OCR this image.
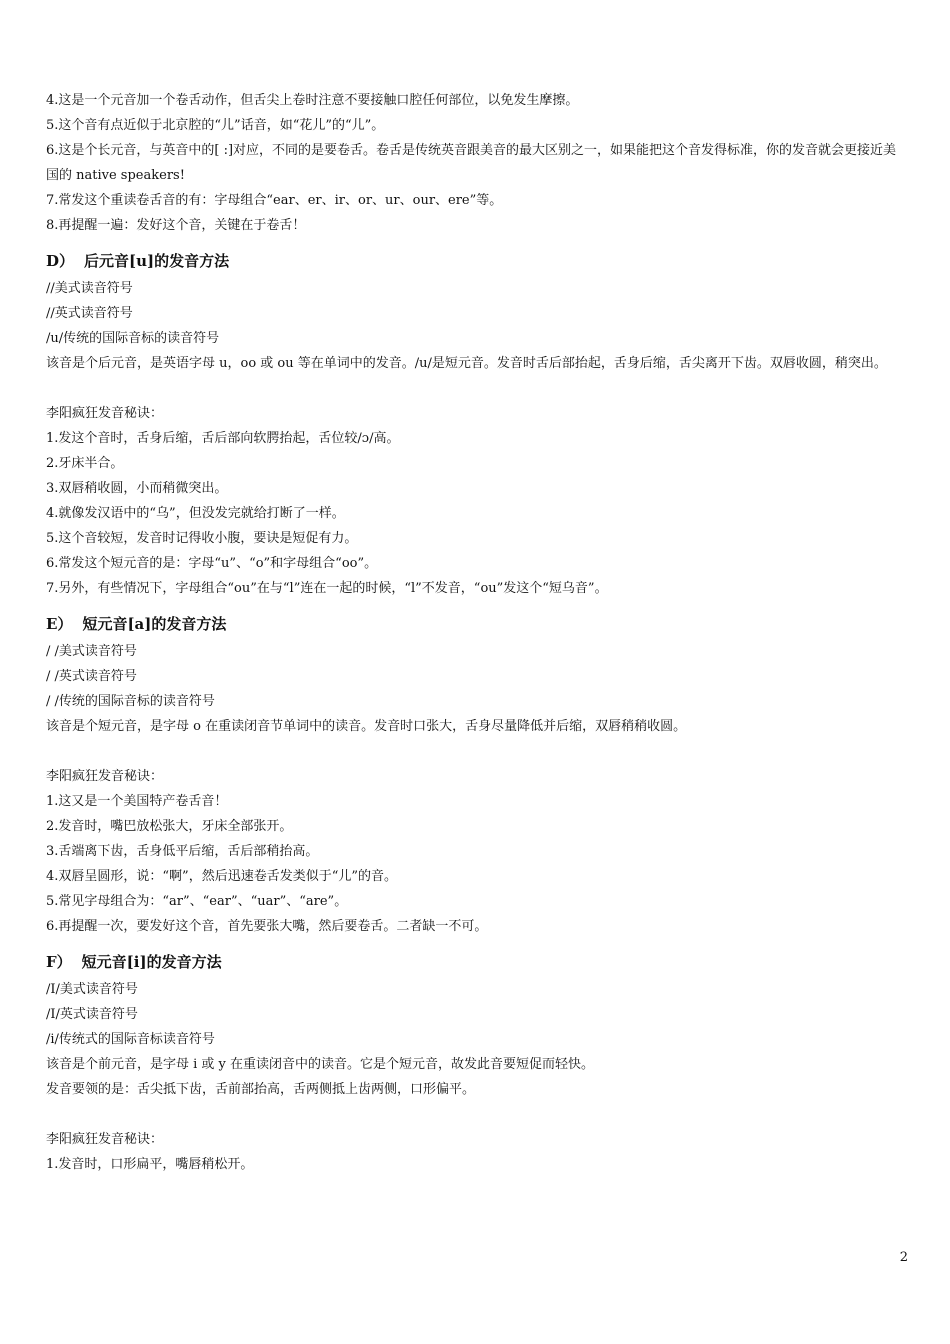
4.这是一个元音加一个卷舌动作，但舌尖上卷时注意不要接触口腔任何部位，以免发生摩擦。

5.这个音有点近似于北京腔的“儿”话音，如“花儿”的“儿”。

6.这是个长元音，与英音中的[ :]对应，不同的是要卷舌。卷舌是传统英音跟美音的最大区别之一，如果能把这个音发得标准，你的发音就会更接近美国的 native speakers!

7.常发这个重读卷舌音的有：字母组合“ear、er、ir、or、ur、our、ere”等。

8.再提醒一遍：发好这个音，关键在于卷舌！

D） 后元音[u]的发音方法

//美式读音符号

//英式读音符号

/u/传统的国际音标的读音符号

该音是个后元音，是英语字母 u，oo 或 ou 等在单词中的发音。/u/是短元音。发音时舌后部抬起，舌身后缩，舌尖离开下齿。双唇收圆，稍突出。

李阳疯狂发音秘诀：

1.发这个音时，舌身后缩，舌后部向软腭抬起，舌位较/ɔ/高。

2.牙床半合。

3.双唇稍收圆，小而稍微突出。

4.就像发汉语中的“乌”，但没发完就给打断了一样。

5.这个音较短，发音时记得收小腹，要诀是短促有力。

6.常发这个短元音的是：字母“u”、“o”和字母组合“oo”。

7.另外，有些情况下，字母组合“ou”在与“l”连在一起的时候，“l”不发音，“ou”发这个“短乌音”。

E） 短元音[a]的发音方法

/ /美式读音符号

/ /英式读音符号

/ /传统的国际音标的读音符号

该音是个短元音，是字母 o 在重读闭音节单词中的读音。发音时口张大，舌身尽量降低并后缩，双唇稍稍收圆。

李阳疯狂发音秘诀：

1.这又是一个美国特产卷舌音！

2.发音时，嘴巴放松张大，牙床全部张开。

3.舌端离下齿，舌身低平后缩，舌后部稍抬高。

4.双唇呈圆形，说：“啊”，然后迅速卷舌发类似于“儿”的音。

5.常见字母组合为：“ar”、“ear”、“uar”、“are”。

6.再提醒一次，要发好这个音，首先要张大嘴，然后要卷舌。二者缺一不可。

F） 短元音[i]的发音方法

/I/美式读音符号

/I/英式读音符号

/i/传统式的国际音标读音符号

该音是个前元音，是字母 i 或 y 在重读闭音中的读音。它是个短元音，故发此音要短促而轻快。

发音要领的是：舌尖抵下齿，舌前部抬高，舌两侧抵上齿两侧，口形偏平。

李阳疯狂发音秘诀：

1.发音时，口形扁平，嘴唇稍松开。

2
